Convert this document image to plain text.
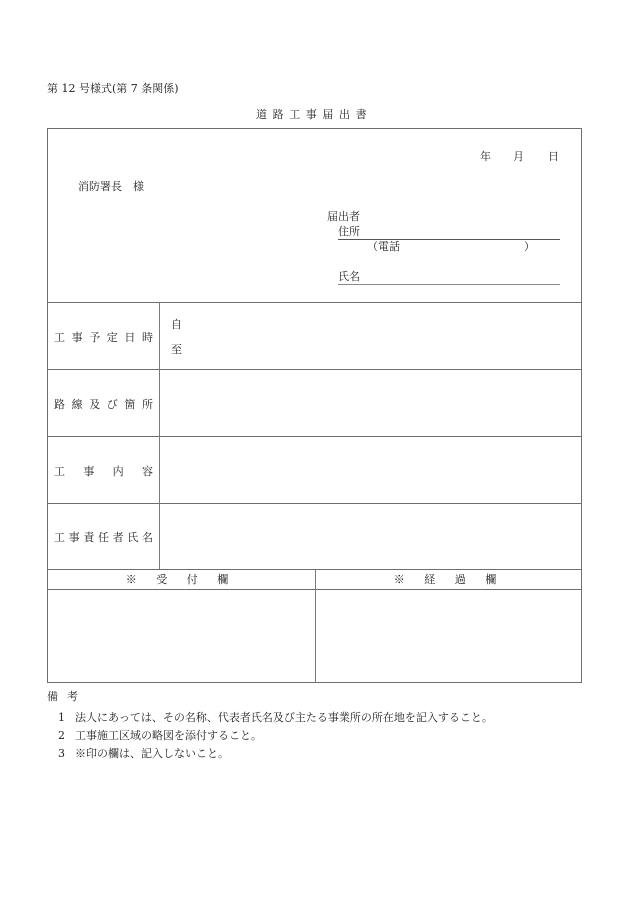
第 12 号様式(第 7 条関係)
道路工事届出書
年 月 日
消防署長　様
届出者
住所
（電話	）
氏名
工 事 予 定 日 時
自
至
路 線 及 び 箇 所
工 事 内 容
工 事 責 任 者 氏 名
※ 受 付 欄	※ 経 過 欄
備考
1 法人にあっては、その名称、代表者氏名及び主たる事業所の所在地を記入すること。
2 工事施工区域の略図を添付すること。
3 ※印の欄は、記入しないこと。
